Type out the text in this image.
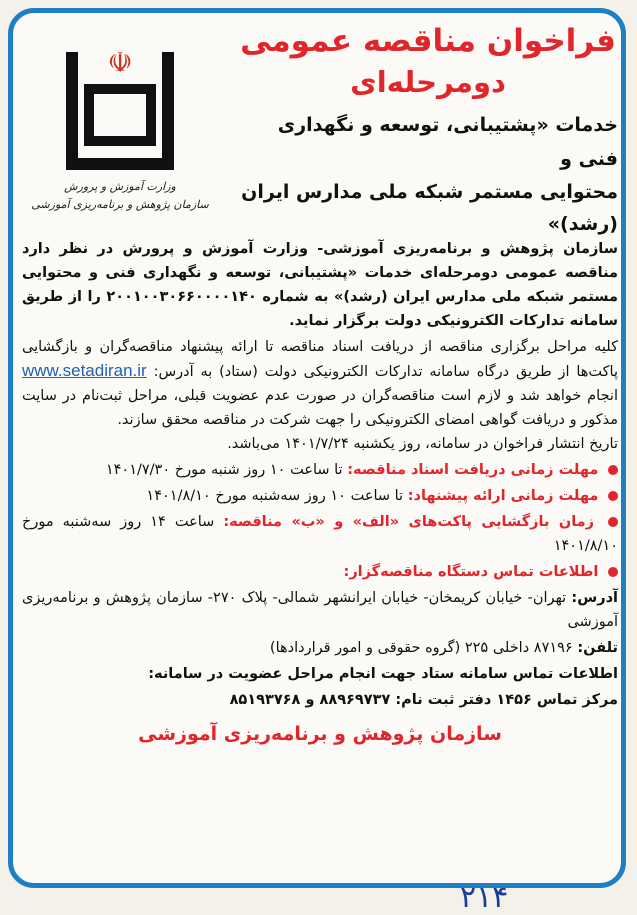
فراخوان مناقصه عمومی
دومرحله‌ای
خدمات «پشتیبانی، توسعه و نگهداری فنی و
محتوایی مستمر شبکه ملی مدارس ایران (رشد)»
☫
وزارت آموزش و پرورش
سازمان پژوهش و برنامه‌ریزی آموزشی
سازمان پژوهش و برنامه‌ریزی آموزشی- وزارت آموزش و پرورش در نظر دارد مناقصه عمومی دومرحله‌ای خدمات «پشتیبانی، توسعه و نگهداری فنی و محتوایی مستمر شبکه ملی مدارس ایران (رشد)» به شماره ۲۰۰۱۰۰۳۰۶۶۰۰۰۰۱۴۰ را از طریق سامانه تدارکات الکترونیکی دولت برگزار نماید.
کلیه مراحل برگزاری مناقصه از دریافت اسناد مناقصه تا ارائه پیشنهاد مناقصه‌گران و بازگشایی پاکت‌ها از طریق درگاه سامانه تدارکات الکترونیکی دولت (ستاد) به آدرس: www.setadiran.ir انجام خواهد شد و لازم است مناقصه‌گران در صورت عدم عضویت قبلی، مراحل ثبت‌نام در سایت مذکور و دریافت گواهی امضای الکترونیکی را جهت شرکت در مناقصه محقق سازند.
تاریخ انتشار فراخوان در سامانه، روز یکشنبه ۱۴۰۱/۷/۲۴ می‌باشد.
مهلت زمانی دریافت اسناد مناقصه: تا ساعت ۱۰ روز شنبه مورخ ۱۴۰۱/۷/۳۰
مهلت زمانی ارائه پیشنهاد: تا ساعت ۱۰ روز سه‌شنبه مورخ ۱۴۰۱/۸/۱۰
زمان بازگشایی پاکت‌های «الف» و «ب» مناقصه: ساعت ۱۴ روز سه‌شنبه مورخ ۱۴۰۱/۸/۱۰
اطلاعات تماس دستگاه مناقصه‌گزار:
آدرس: تهران- خیابان کریمخان- خیابان ایرانشهر شمالی- پلاک ۲۷۰- سازمان پژوهش و برنامه‌ریزی آموزشی
تلفن: ۸۷۱۹۶ داخلی ۲۲۵ (گروه حقوقی و امور قراردادها)
اطلاعات تماس سامانه ستاد جهت انجام مراحل عضویت در سامانه:
مرکز تماس ۱۴۵۶ دفتر ثبت نام: ۸۸۹۶۹۷۳۷ و ۸۵۱۹۳۷۶۸
سازمان پژوهش و برنامه‌ریزی آموزشی
۲۱۴
